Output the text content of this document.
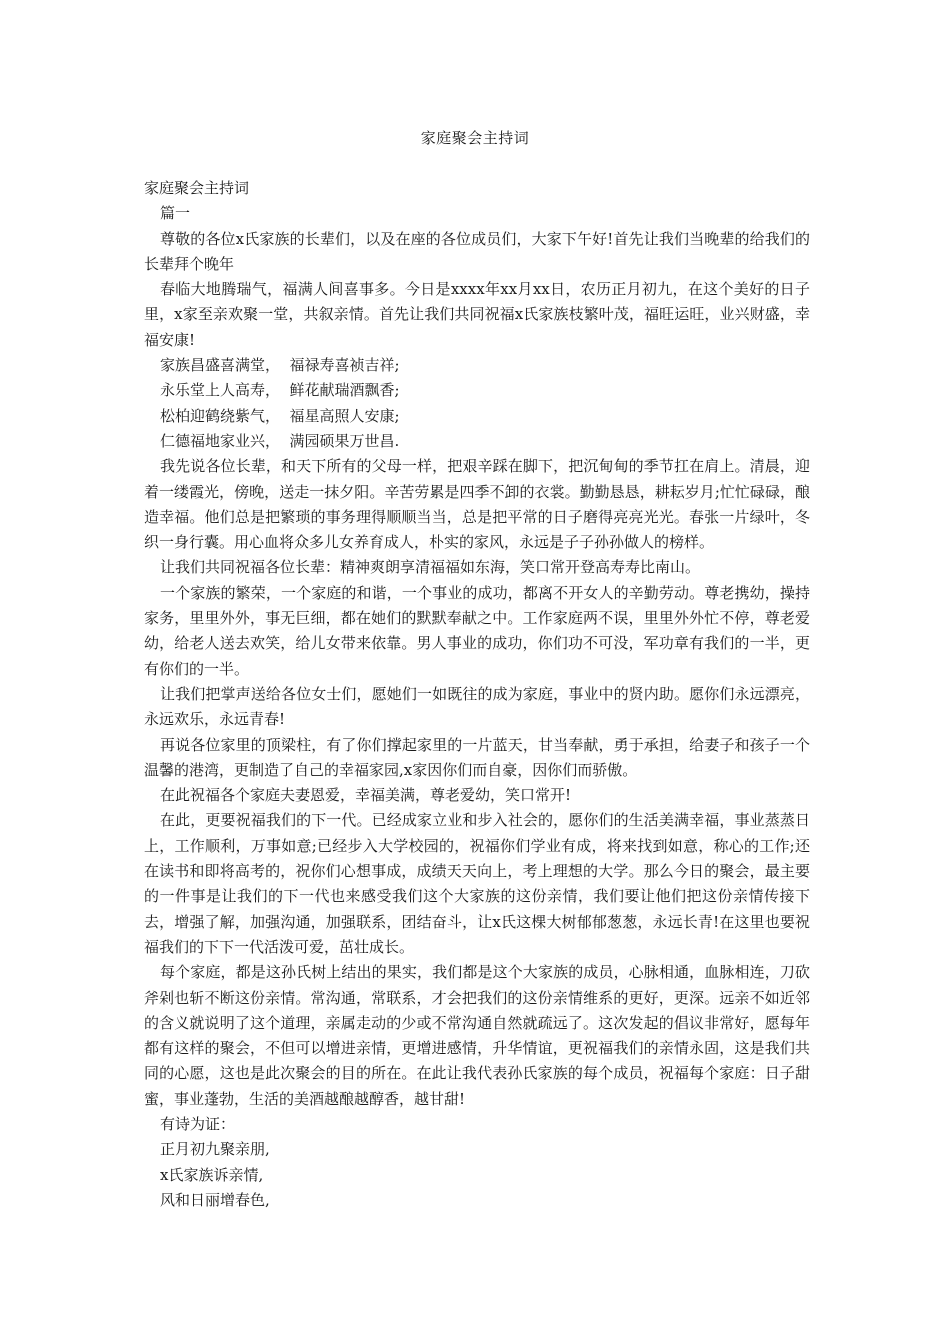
家庭聚会主持词

家庭聚会主持词

篇一

尊敬的各位x氏家族的长辈们，以及在座的各位成员们，大家下午好!首先让我们当晚辈的给我们的长辈拜个晚年

春临大地腾瑞气，福满人间喜事多。今日是xxxx年xx月xx日，农历正月初九，在这个美好的日子里，x家至亲欢聚一堂，共叙亲情。首先让我们共同祝福x氏家族枝繁叶茂，福旺运旺，业兴财盛，幸福安康!

家族昌盛喜满堂，  福禄寿喜祯吉祥;

永乐堂上人高寿，  鲜花献瑞酒飘香;

松柏迎鹤绕紫气，  福星高照人安康;

仁德福地家业兴，  满园硕果万世昌.

我先说各位长辈，和天下所有的父母一样，把艰辛踩在脚下，把沉甸甸的季节扛在肩上。清晨，迎着一缕霞光，傍晚，送走一抹夕阳。辛苦劳累是四季不卸的衣裳。勤勤恳恳，耕耘岁月;忙忙碌碌，酿造幸福。他们总是把繁琐的事务理得顺顺当当，总是把平常的日子磨得亮亮光光。春张一片绿叶，冬织一身行囊。用心血将众多儿女养育成人，朴实的家风，永远是子子孙孙做人的榜样。

让我们共同祝福各位长辈：精神爽朗享清福福如东海，笑口常开登高寿寿比南山。

一个家族的繁荣，一个家庭的和谐，一个事业的成功，都离不开女人的辛勤劳动。尊老携幼，操持家务，里里外外，事无巨细，都在她们的默默奉献之中。工作家庭两不误，里里外外忙不停，尊老爱幼，给老人送去欢笑，给儿女带来依靠。男人事业的成功，你们功不可没，军功章有我们的一半，更有你们的一半。

让我们把掌声送给各位女士们，愿她们一如既往的成为家庭，事业中的贤内助。愿你们永远漂亮，永远欢乐，永远青春!

再说各位家里的顶梁柱，有了你们撑起家里的一片蓝天，甘当奉献，勇于承担，给妻子和孩子一个温馨的港湾，更制造了自己的幸福家园,x家因你们而自豪，因你们而骄傲。

在此祝福各个家庭夫妻恩爱，幸福美满，尊老爱幼，笑口常开!

在此，更要祝福我们的下一代。已经成家立业和步入社会的，愿你们的生活美满幸福，事业蒸蒸日上，工作顺利，万事如意;已经步入大学校园的，祝福你们学业有成，将来找到如意，称心的工作;还在读书和即将高考的，祝你们心想事成，成绩天天向上，考上理想的大学。那么今日的聚会，最主要的一件事是让我们的下一代也来感受我们这个大家族的这份亲情，我们要让他们把这份亲情传接下去，增强了解，加强沟通，加强联系，团结奋斗，让x氏这棵大树郁郁葱葱，永远长青!在这里也要祝福我们的下下一代活泼可爱，茁壮成长。

每个家庭，都是这孙氏树上结出的果实，我们都是这个大家族的成员，心脉相通，血脉相连，刀砍斧剁也斩不断这份亲情。常沟通，常联系，才会把我们的这份亲情维系的更好，更深。远亲不如近邻的含义就说明了这个道理，亲属走动的少或不常沟通自然就疏远了。这次发起的倡议非常好，愿每年都有这样的聚会，不但可以增进亲情，更增进感情，升华情谊，更祝福我们的亲情永固，这是我们共同的心愿，这也是此次聚会的目的所在。在此让我代表孙氏家族的每个成员，祝福每个家庭：日子甜蜜，事业蓬勃，生活的美酒越酿越醇香，越甘甜!

有诗为证：

正月初九聚亲朋,

x氏家族诉亲情,

风和日丽增春色,
